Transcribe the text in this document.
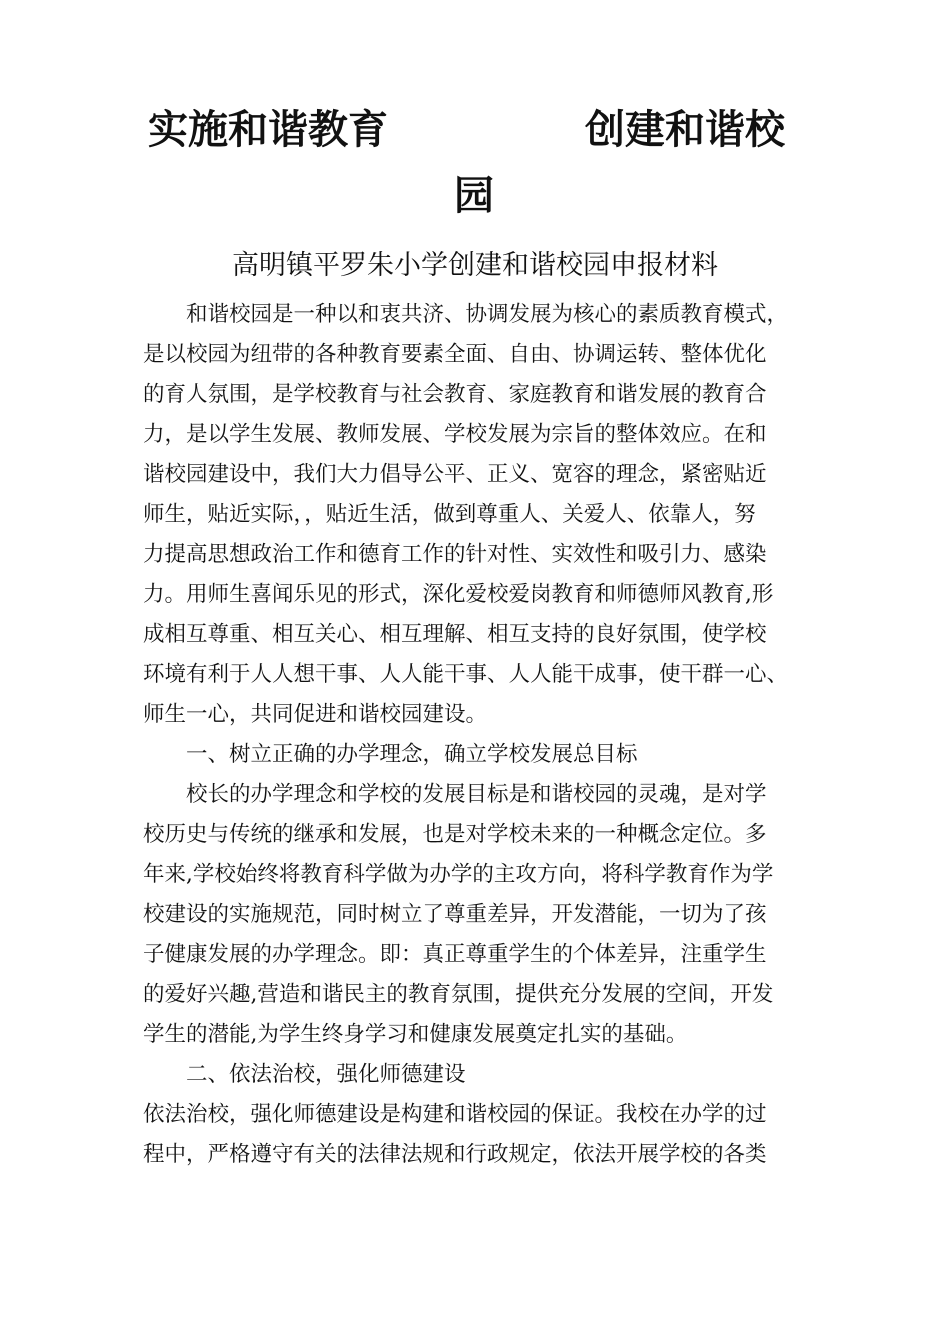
实施和谐教育	创建和谐校
园
高明镇平罗朱小学创建和谐校园申报材料
和谐校园是一种以和衷共济、协调发展为核心的素质教育模式，
是以校园为纽带的各种教育要素全面、自由、协调运转、整体优化
的育人氛围，是学校教育与社会教育、家庭教育和谐发展的教育合
力，是以学生发展、教师发展、学校发展为宗旨的整体效应。在和
谐校园建设中，我们大力倡导公平、正义、宽容的理念，紧密贴近
师生，贴近实际，，贴近生活，做到尊重人、关爱人、依靠人，努
力提高思想政治工作和德育工作的针对性、实效性和吸引力、感染
力。用师生喜闻乐见的形式，深化爱校爱岗教育和师德师风教育,形
成相互尊重、相互关心、相互理解、相互支持的良好氛围，使学校
环境有利于人人想干事、人人能干事、人人能干成事，使干群一心、
师生一心，共同促进和谐校园建设。
一、树立正确的办学理念，确立学校发展总目标
校长的办学理念和学校的发展目标是和谐校园的灵魂，是对学
校历史与传统的继承和发展，也是对学校未来的一种概念定位。多
年来,学校始终将教育科学做为办学的主攻方向，将科学教育作为学
校建设的实施规范，同时树立了尊重差异，开发潜能，一切为了孩
子健康发展的办学理念。即：真正尊重学生的个体差异，注重学生
的爱好兴趣,营造和谐民主的教育氛围，提供充分发展的空间，开发
学生的潜能,为学生终身学习和健康发展奠定扎实的基础。
二、依法治校，强化师德建设
依法治校，强化师德建设是构建和谐校园的保证。我校在办学的过
程中，严格遵守有关的法律法规和行政规定，依法开展学校的各类
